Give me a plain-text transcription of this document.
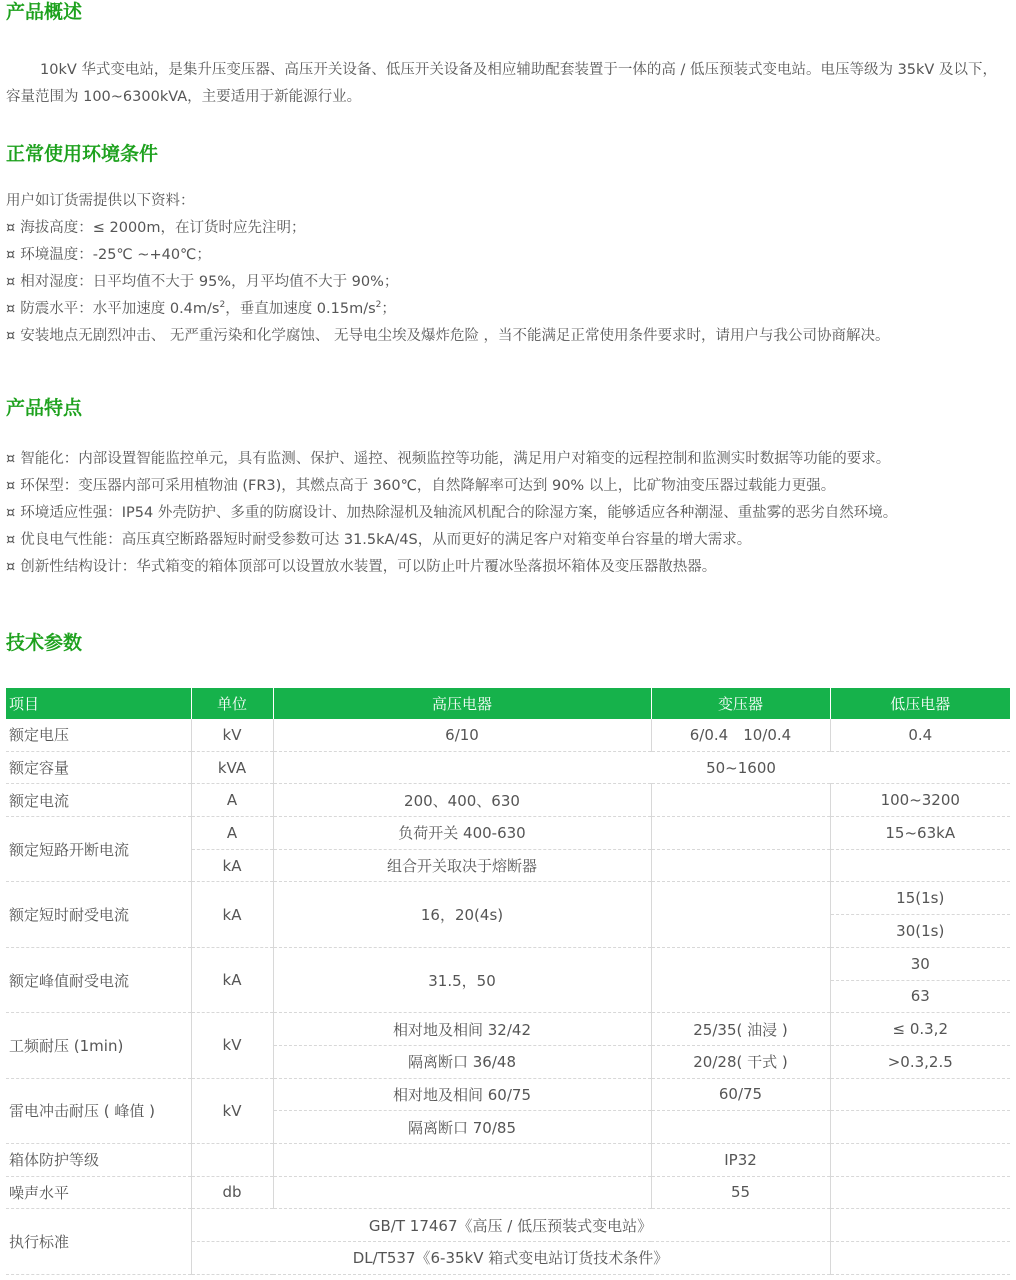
产品概述

10kV 华式变电站，是集升压变压器、高压开关设备、低压开关设备及相应辅助配套装置于一体的高 / 低压预装式变电站。电压等级为 35kV 及以下，容量范围为 100~6300kVA，主要适用于新能源行业。

正常使用环境条件

用户如订货需提供以下资料：

¤ 海拔高度：≤ 2000m，在订货时应先注明；

¤ 环境温度：-25℃ ~+40℃；

¤ 相对湿度：日平均值不大于 95%，月平均值不大于 90%；

¤ 防震水平：水平加速度 $0.4m/s^2$，垂直加速度 $0.15m/s^2$；

¤ 安装地点无剧烈冲击、 无严重污染和化学腐蚀、 无导电尘埃及爆炸危险 ，当不能满足正常使用条件要求时，请用户与我公司协商解决。

产品特点

¤ 智能化：内部设置智能监控单元，具有监测、保护、遥控、视频监控等功能，满足用户对箱变的远程控制和监测实时数据等功能的要求。

¤ 环保型：变压器内部可采用植物油 (FR3)，其燃点高于 360℃，自然降解率可达到 90% 以上，比矿物油变压器过载能力更强。

¤ 环境适应性强：IP54 外壳防护、多重的防腐设计、加热除湿机及轴流风机配合的除湿方案，能够适应各种潮湿、重盐雾的恶劣自然环境。

¤ 优良电气性能：高压真空断路器短时耐受参数可达 31.5kA/4S，从而更好的满足客户对箱变单台容量的增大需求。

¤ 创新性结构设计：华式箱变的箱体顶部可以设置放水装置，可以防止叶片覆冰坠落损坏箱体及变压器散热器。

技术参数
项目	单位	高压电器	变压器	低压电器
额定电压	kV	6/10	6/0.4　10/0.4	0.4
额定容量	kVA	50~1600		
额定电流	A	200、400、630		100~3200
额定短路开断电流	A	负荷开关 400-630		15~63kA
	kA	组合开关取决于熔断器		
额定短时耐受电流	kA	16，20(4s)		15(1s)
				30(1s)
额定峰值耐受电流	kA	31.5，50		30
				63
工频耐压 (1min)	kV	相对地及相间 32/42	25/35( 油浸 )	≤ 0.3,2
		隔离断口 36/48	20/28( 干式 )	>0.3,2.5
雷电冲击耐压 ( 峰值 )	kV	相对地及相间 60/75	60/75	
		隔离断口 70/85		
箱体防护等级			IP32	
噪声水平	db		55	
执行标准	GB/T 17467《高压 / 低压预装式变电站》			
	DL/T537《6-35kV 箱式变电站订货技术条件》			
